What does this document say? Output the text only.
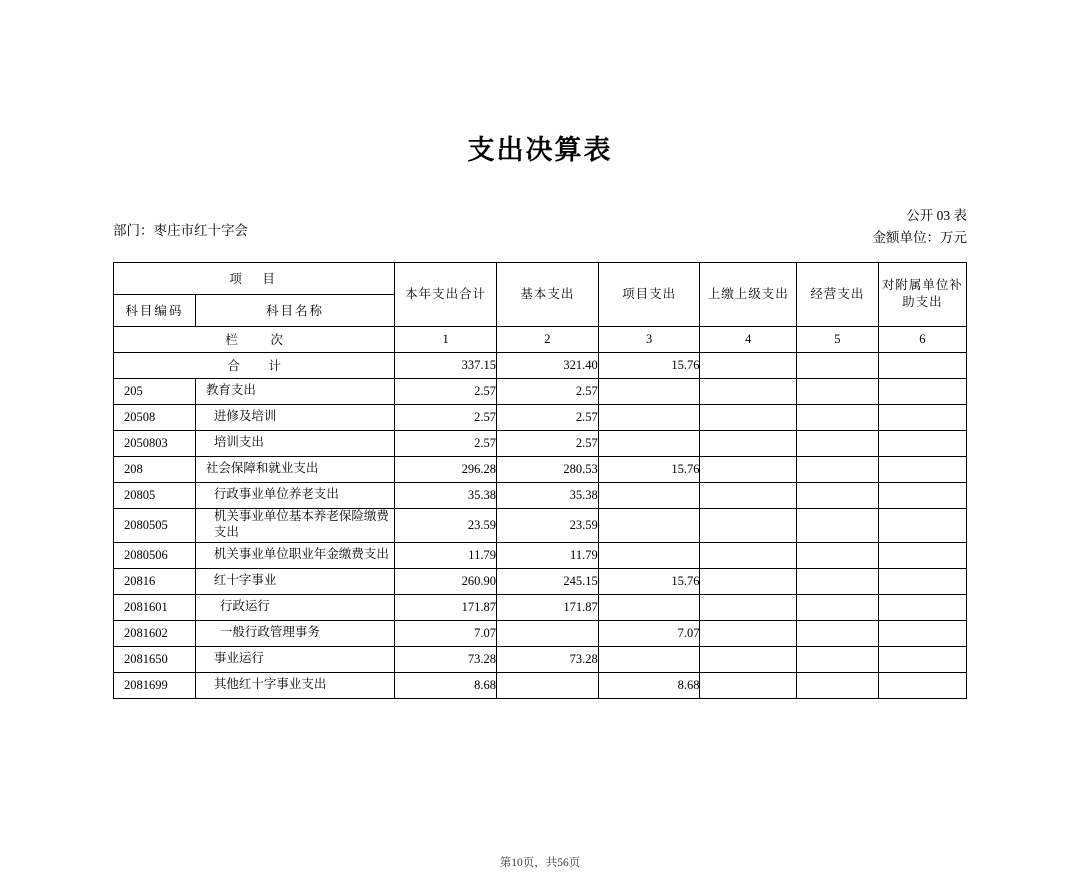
支出决算表
部门：枣庄市红十字会
公开 03 表
金额单位：万元
项　目		本年支出合计	基本支出	项目支出	上缴上级支出	经营支出	对附属单位补助支出
科目编码	科目名称						
栏　次		1	2	3	4	5	6
合　计		337.15	321.40	15.76			
205	教育支出	2.57	2.57				
20508	进修及培训	2.57	2.57				
2050803	培训支出	2.57	2.57				
208	社会保障和就业支出	296.28	280.53	15.76			
20805	行政事业单位养老支出	35.38	35.38				
2080505	机关事业单位基本养老保险缴费支出	23.59	23.59				
2080506	机关事业单位职业年金缴费支出	11.79	11.79				
20816	红十字事业	260.90	245.15	15.76			
2081601	行政运行	171.87	171.87				
2081602	一般行政管理事务	7.07		7.07			
2081650	事业运行	73.28	73.28				
2081699	其他红十字事业支出	8.68		8.68			
第10页，共56页
